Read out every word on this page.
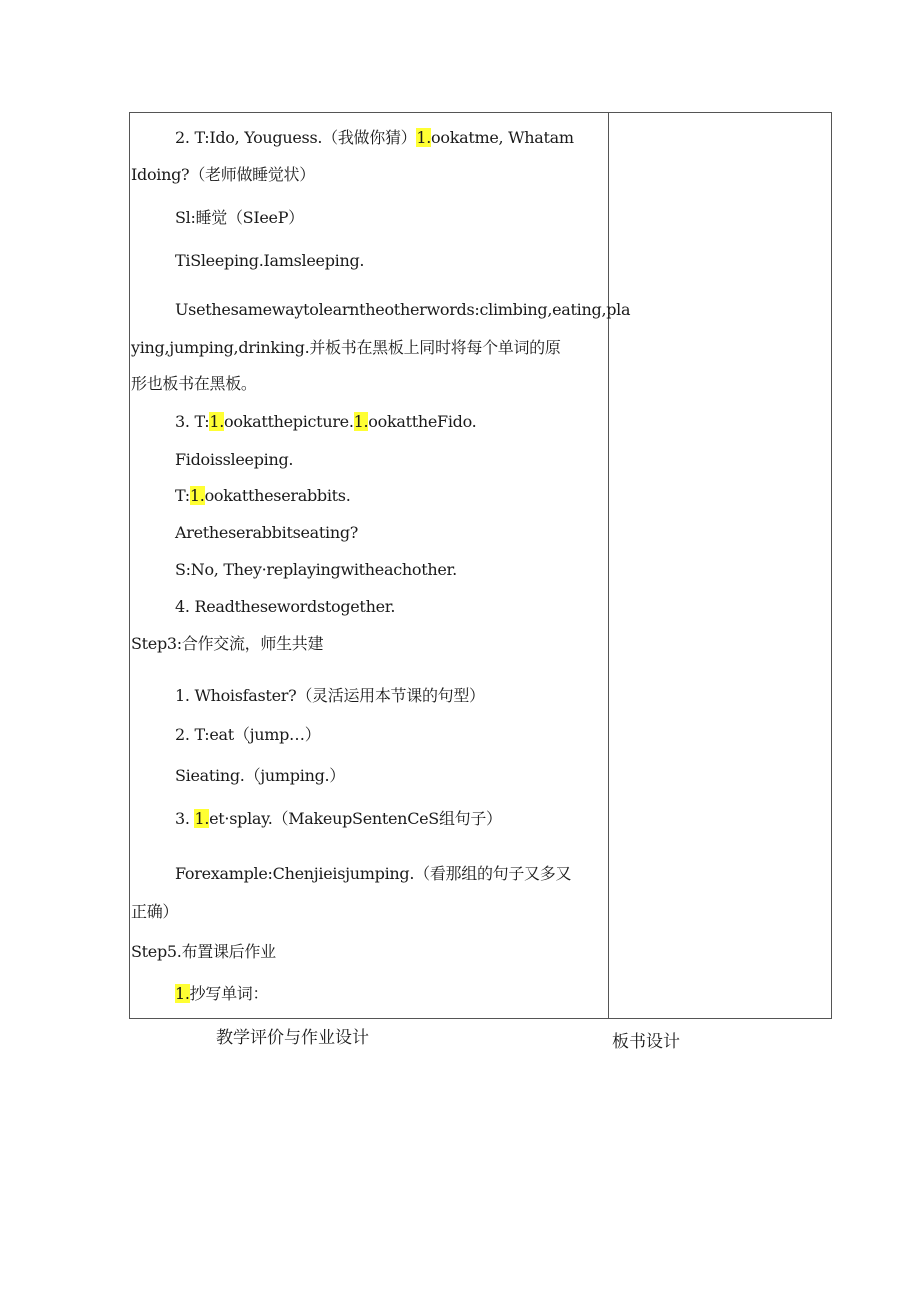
2. T:Ido, Youguess.（我做你猜）1.ookatme, Whatam
Idoing?（老师做睡觉状）
Sl:睡觉（SIeeP）
TiSleeping.Iamsleeping.
Usethesamewaytolearntheotherwords:climbing,eating,pla
ying,jumping,drinking.并板书在黑板上同时将每个单词的原
形也板书在黑板。
3. T:1.ookatthepicture.1.ookattheFido.
Fidoissleeping.
T:1.ookattheserabbits.
Aretheserabbitseating?
S:No, They·replayingwitheachother.
4. Readthesewordstogether.
Step3:合作交流，师生共建
1. Whoisfaster?（灵活运用本节课的句型）
2. T:eat（jump…）
Sieating.（jumping.）
3. 1.et·splay.（MakeupSentenCeS组句子）
Forexample:Chenjieisjumping.（看那组的句子又多又
正确）
Step5.布置课后作业
1.抄写单词：
教学评价与作业设计	板书设计
